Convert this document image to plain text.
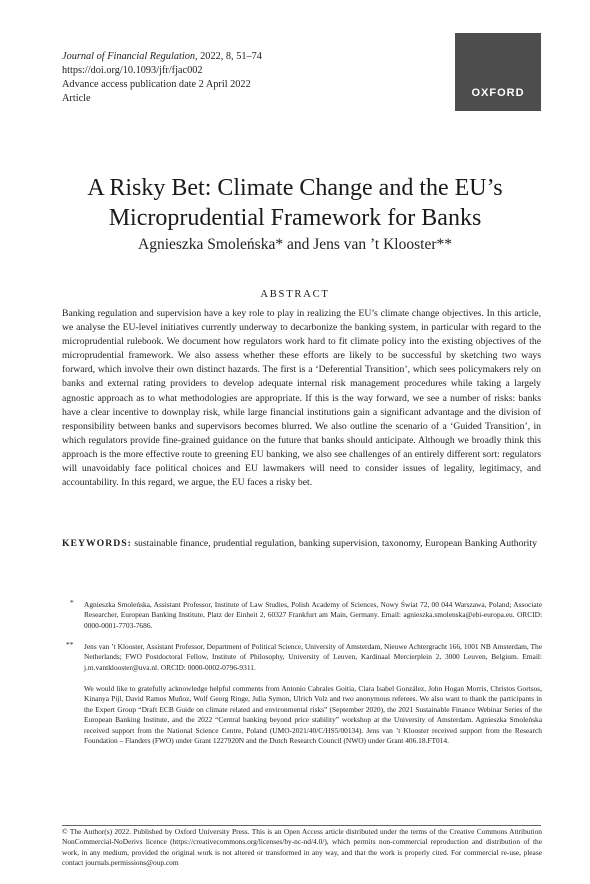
Journal of Financial Regulation, 2022, 8, 51–74
https://doi.org/10.1093/jfr/fjac002
Advance access publication date 2 April 2022
Article	OXFORD
A Risky Bet: Climate Change and the EU’s
Microprudential Framework for Banks
Agnieszka Smoleńska* and Jens van ’t Klooster**
ABSTRACT

Banking regulation and supervision have a key role to play in realizing the EU’s climate change objectives. In this article, we analyse the EU-level initiatives currently underway to decarbonize the banking system, in particular with regard to the microprudential rulebook. We document how regulators work hard to fit climate policy into the existing objectives of the microprudential framework. We also assess whether these efforts are likely to be successful by sketching two ways forward, which involve their own distinct hazards. The first is a ‘Deferential Transition’, which sees policymakers rely on banks and external rating providers to develop adequate internal risk management procedures while taking a largely agnostic approach as to what methodologies are appropriate. If this is the way forward, we see a number of risks: banks have a clear incentive to downplay risk, while large financial institutions gain a significant advantage and the division of responsibility between banks and supervisors becomes blurred. We also outline the scenario of a ‘Guided Transition’, in which regulators provide fine-grained guidance on the future that banks should anticipate. Although we broadly think this approach is the more effective route to greening EU banking, we also see challenges of an entirely different sort: regulators will unavoidably face political choices and EU lawmakers will need to consider issues of legality, legitimacy, and accountability. In this regard, we argue, the EU faces a risky bet.

KEYWORDS: sustainable finance, prudential regulation, banking supervision, taxonomy, European Banking Authority

* Agnieszka Smoleńska, Assistant Professor, Institute of Law Studies, Polish Academy of Sciences, Nowy Świat 72, 00 044 Warszawa, Poland; Associate Researcher, European Banking Institute, Platz der Einheit 2, 60327 Frankfurt am Main, Germany. Email: agnieszka.smolenska@ebi-europa.eu. ORCID: 0000-0001-7703-7686.

** Jens van ’t Klooster, Assistant Professor, Department of Political Science, University of Amsterdam, Nieuwe Achtergracht 166, 1001 NB Amsterdam, The Netherlands; FWO Postdoctoral Fellow, Institute of Philosophy, University of Leuven, Kardinaal Mercierplein 2, 3000 Leuven, Belgium. Email: j.m.vantklooster@uva.nl. ORCID: 0000-0002-0796-9311.

We would like to gratefully acknowledge helpful comments from Antonio Cabrales Goitia, Clara Isabel González, John Hogan Morris, Christos Gortsos, Kinanya Pijl, David Ramos Muñoz, Wolf Georg Ringe, Julia Symon, Ulrich Volz and two anonymous referees. We also want to thank the participants in the Expert Group “Draft ECB Guide on climate related and environmental risks” (September 2020), the 2021 Sustainable Finance Webinar Series of the European Banking Institute, and the 2022 “Central banking beyond price stability” workshop at the University of Amsterdam. Agnieszka Smoleńska received support from the National Science Centre, Poland (UMO-2021/40/C/HS5/00134). Jens van ’t Klooster received support from the Research Foundation – Flanders (FWO) under Grant 1227920N and the Dutch Research Council (NWO) under Grant 406.18.FT014.

© The Author(s) 2022. Published by Oxford University Press. This is an Open Access article distributed under the terms of the Creative Commons Attribution NonCommercial-NoDerivs licence (https://creativecommons.org/licenses/by-nc-nd/4.0/), which permits non-commercial reproduction and distribution of the work, in any medium, provided the original work is not altered or transformed in any way, and that the work is properly cited. For commercial re-use, please contact journals.permissions@oup.com
